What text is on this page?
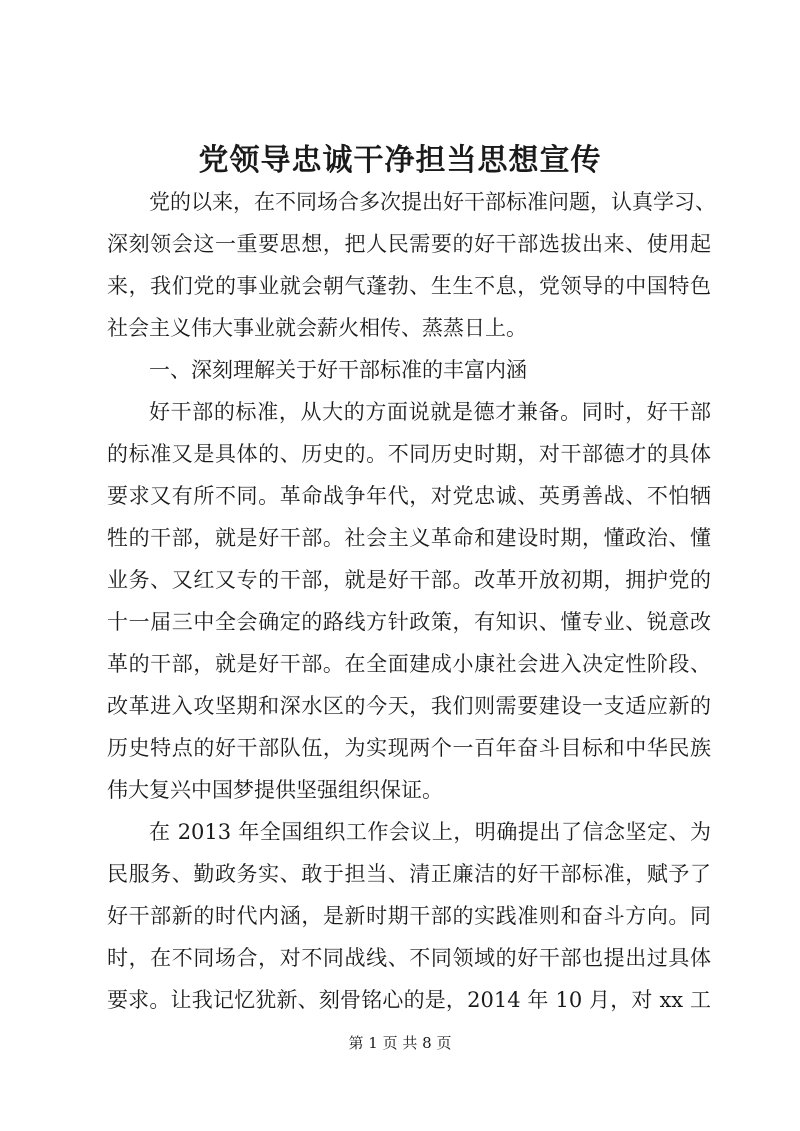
党领导忠诚干净担当思想宣传
党的以来，在不同场合多次提出好干部标准问题，认真学习、
深刻领会这一重要思想，把人民需要的好干部选拔出来、使用起
来，我们党的事业就会朝气蓬勃、生生不息，党领导的中国特色
社会主义伟大事业就会薪火相传、蒸蒸日上。
一、深刻理解关于好干部标准的丰富内涵
好干部的标准，从大的方面说就是德才兼备。同时，好干部
的标准又是具体的、历史的。不同历史时期，对干部德才的具体
要求又有所不同。革命战争年代，对党忠诚、英勇善战、不怕牺
牲的干部，就是好干部。社会主义革命和建设时期，懂政治、懂
业务、又红又专的干部，就是好干部。改革开放初期，拥护党的
十一届三中全会确定的路线方针政策，有知识、懂专业、锐意改
革的干部，就是好干部。在全面建成小康社会进入决定性阶段、
改革进入攻坚期和深水区的今天，我们则需要建设一支适应新的
历史特点的好干部队伍，为实现两个一百年奋斗目标和中华民族
伟大复兴中国梦提供坚强组织保证。
在 2013 年全国组织工作会议上，明确提出了信念坚定、为
民服务、勤政务实、敢于担当、清正廉洁的好干部标准，赋予了
好干部新的时代内涵，是新时期干部的实践准则和奋斗方向。同
时，在不同场合，对不同战线、不同领域的好干部也提出过具体
要求。让我记忆犹新、刻骨铭心的是，2014 年 10 月，对 xx 工
第 1 页 共 8 页
